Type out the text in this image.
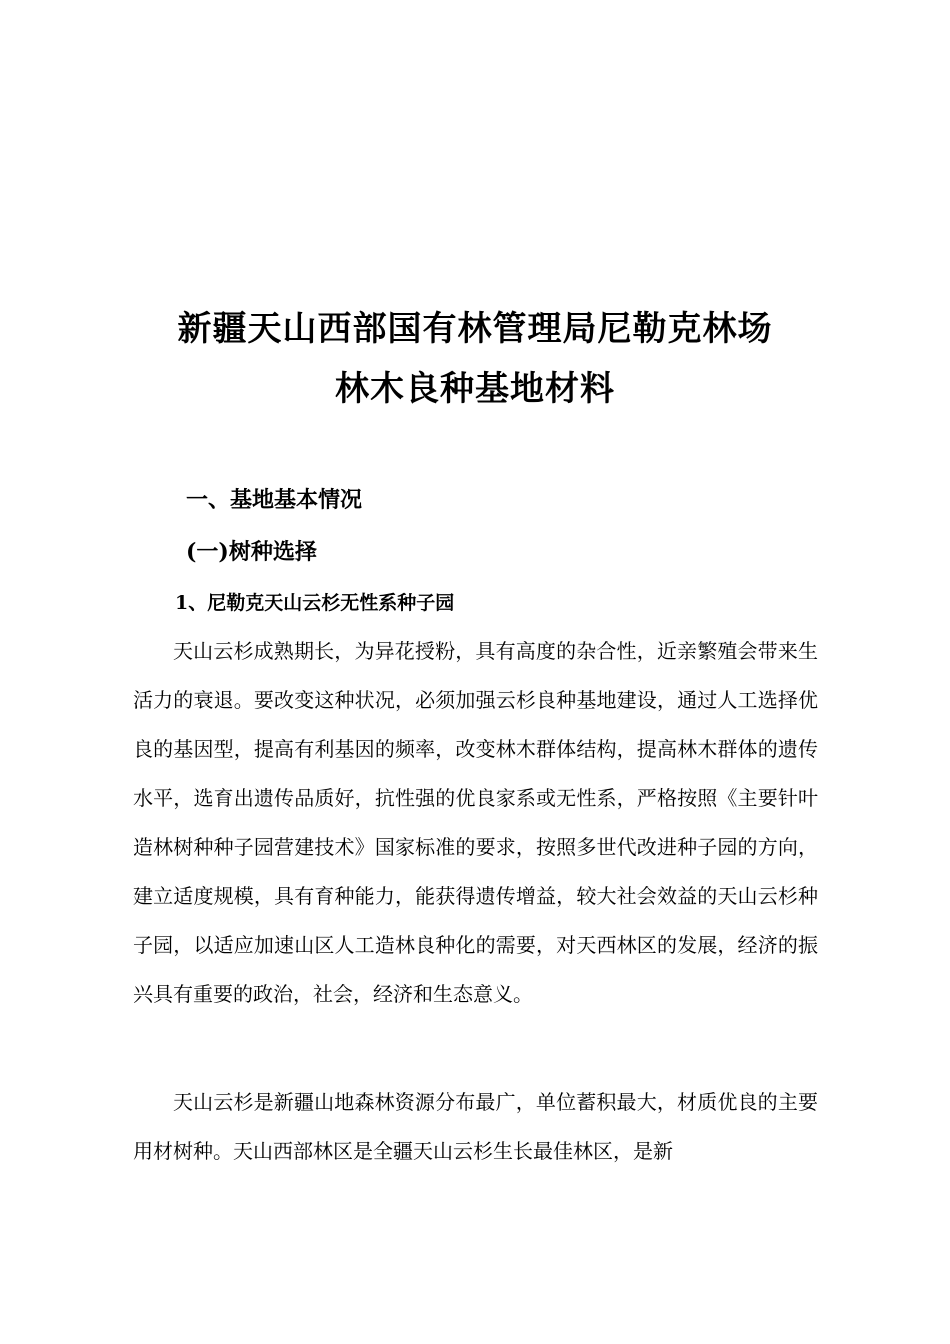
新疆天山西部国有林管理局尼勒克林场
林木良种基地材料
一、基地基本情况
(一)树种选择
1、尼勒克天山云杉无性系种子园

天山云杉成熟期长，为异花授粉，具有高度的杂合性，近亲繁殖会带来生活力的衰退。要改变这种状况，必须加强云杉良种基地建设，通过人工选择优良的基因型，提高有利基因的频率，改变林木群体结构，提高林木群体的遗传水平，选育出遗传品质好，抗性强的优良家系或无性系，严格按照《主要针叶造林树种种子园营建技术》国家标准的要求，按照多世代改进种子园的方向，建立适度规模，具有育种能力，能获得遗传增益，较大社会效益的天山云杉种子园，以适应加速山区人工造林良种化的需要，对天西林区的发展，经济的振兴具有重要的政治，社会，经济和生态意义。

天山云杉是新疆山地森林资源分布最广，单位蓄积最大，材质优良的主要用材树种。天山西部林区是全疆天山云杉生长最佳林区，是新
